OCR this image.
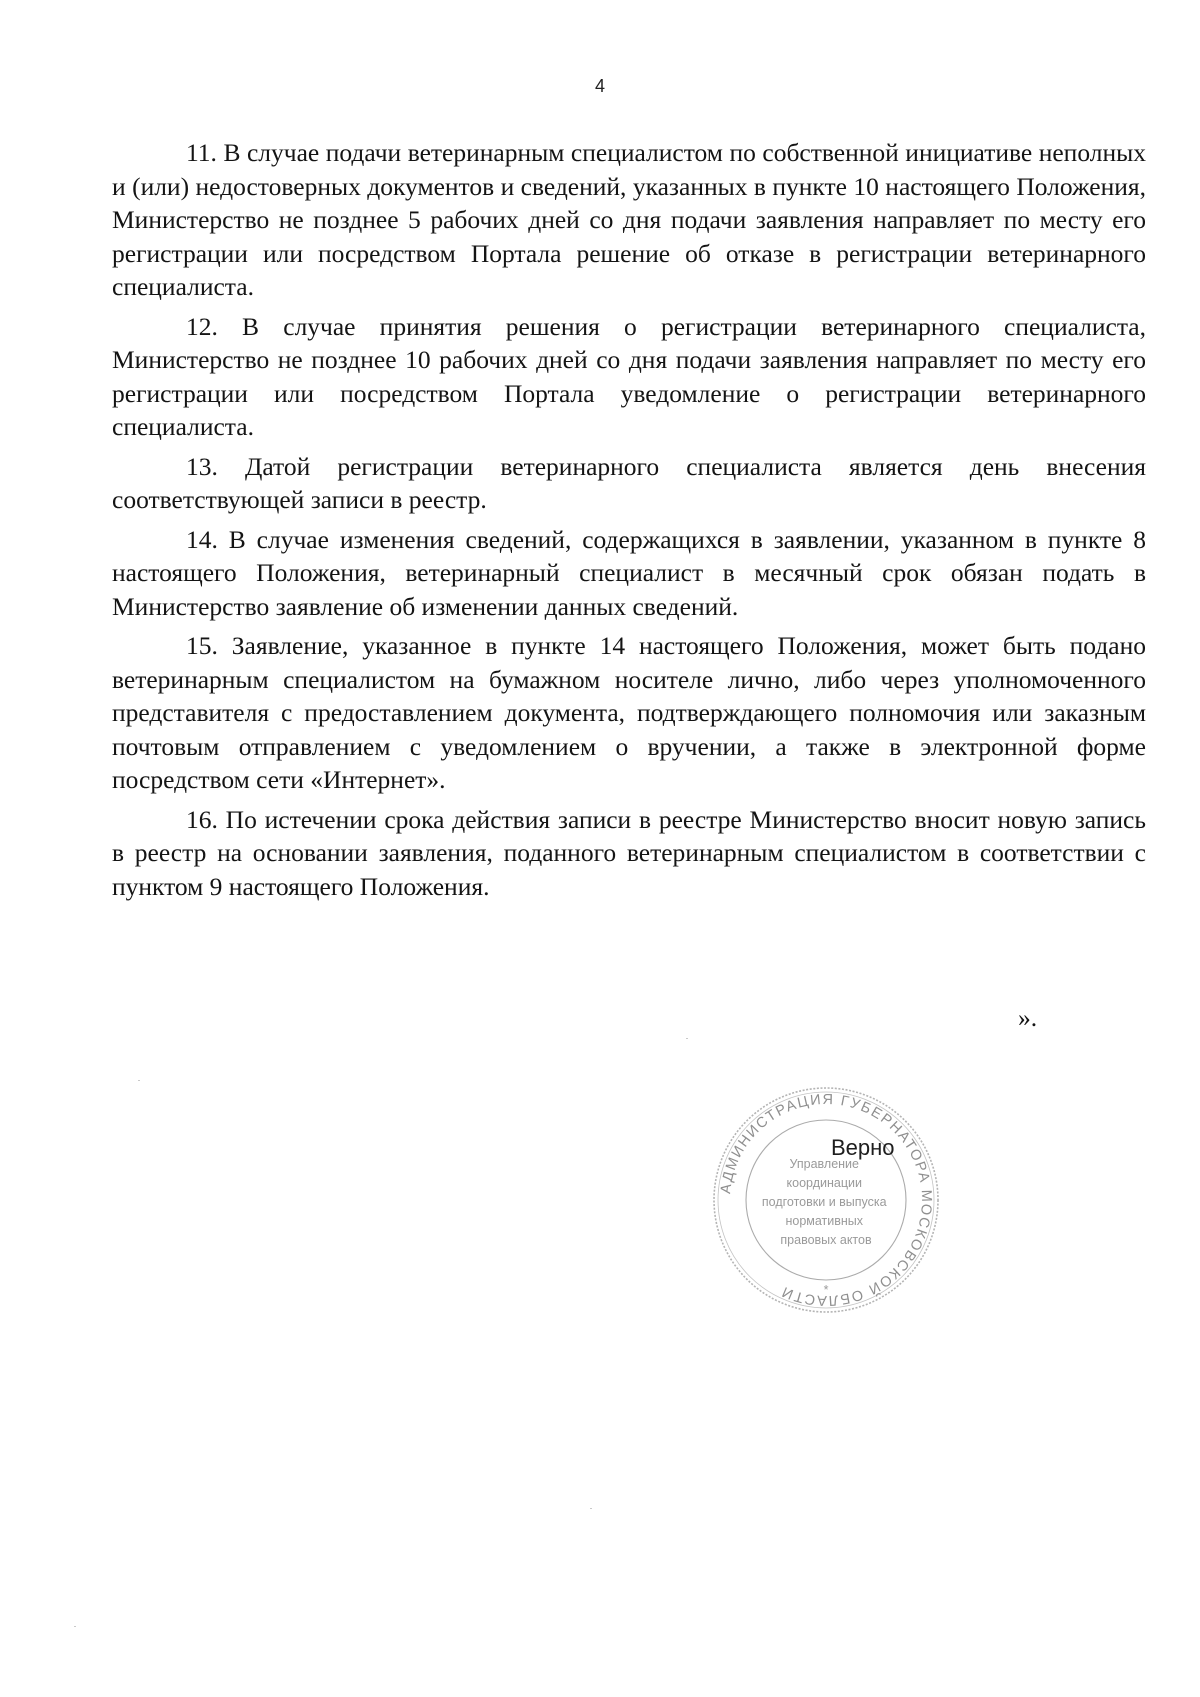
4

11. В случае подачи ветеринарным специалистом по собственной инициативе неполных и (или) недостоверных документов и сведений, указанных в пункте 10 настоящего Положения, Министерство не позднее 5 рабочих дней со дня подачи заявления направляет по месту его регистрации или посредством Портала решение об отказе в регистрации ветеринарного специалиста.

12. В случае принятия решения о регистрации ветеринарного специалиста, Министерство не позднее 10 рабочих дней со дня подачи заявления направляет по месту его регистрации или посредством Портала уведомление о регистрации ветеринарного специалиста.

13. Датой регистрации ветеринарного специалиста является день внесения соответствующей записи в реестр.

14. В случае изменения сведений, содержащихся в заявлении, указанном в пункте 8 настоящего Положения, ветеринарный специалист в месячный срок обязан подать в Министерство заявление об изменении данных сведений.

15. Заявление, указанное в пункте 14 настоящего Положения, может быть подано ветеринарным специалистом на бумажном носителе лично, либо через уполномоченного представителя с предоставлением документа, подтверждающего полномочия или заказным почтовым отправлением с уведомлением о вручении, а также в электронной форме посредством сети «Интернет».

16. По истечении срока действия записи в реестре Министерство вносит новую запись в реестр на основании заявления, поданного ветеринарным специалистом в соответствии с пунктом 9 настоящего Положения.

».
АДМИНИСТРАЦИЯ ГУБЕРНАТОРА МОСКОВСКОЙ ОБЛАСТИ
Управление координации подготовки и выпуска нормативных правовых актов
*
Верно
